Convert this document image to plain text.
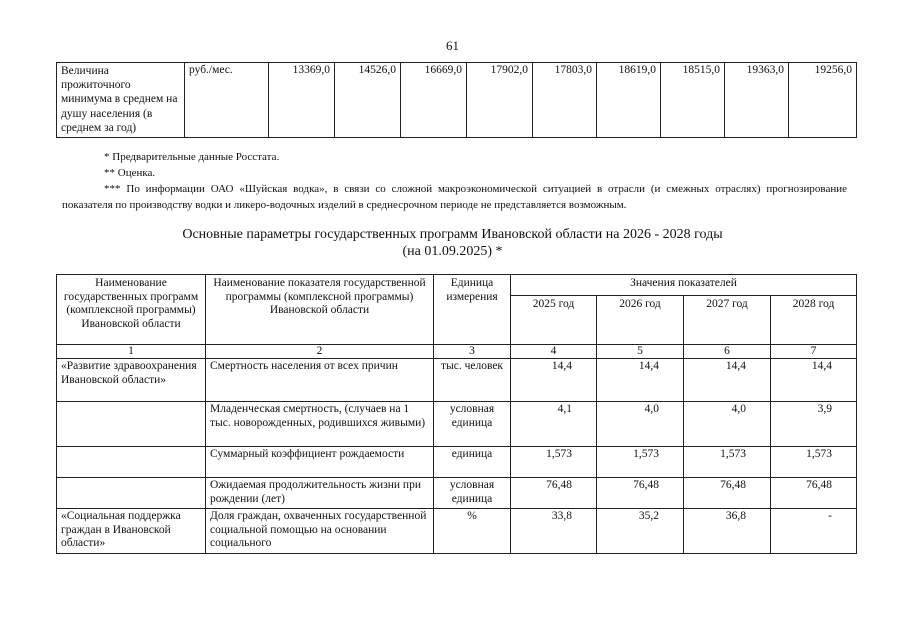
61
Величина прожиточного минимума в среднем на душу населения (в среднем за год)	руб./мес.	13369,0	14526,0	16669,0	17902,0	17803,0	18619,0	18515,0	19363,0	19256,0

* Предварительные данные Росстата.

** Оценка.

*** По информации ОАО «Шуйская водка», в связи со сложной макроэкономической ситуацией в отрасли (и смежных отраслях) прогнозирование показателя по производству водки и ликеро-водочных изделий в среднесрочном периоде не представляется возможным.

Основные параметры государственных программ Ивановской области на 2026 - 2028 годы
(на 01.09.2025) *
Наименование государственных программ (комплексной программы) Ивановской области	Наименование показателя государственной программы (комплексной программы) Ивановской области	Единица измерения	Значения показателей			
			2025 год	2026 год	2027 год	2028 год
1	2	3	4	5	6	7
«Развитие здравоохранения Ивановской области»	Смертность населения от всех причин	тыс. человек	14,4	14,4	14,4	14,4
	Младенческая смертность, (случаев на 1 тыс. новорожденных, родившихся живыми)	условная единица	4,1	4,0	4,0	3,9
	Суммарный коэффициент рождаемости	единица	1,573	1,573	1,573	1,573
	Ожидаемая продолжительность жизни при рождении (лет)	условная единица	76,48	76,48	76,48	76,48
«Социальная поддержка граждан в Ивановской области»	Доля граждан, охваченных государственной социальной помощью на основании социального	%	33,8	35,2	36,8	-
